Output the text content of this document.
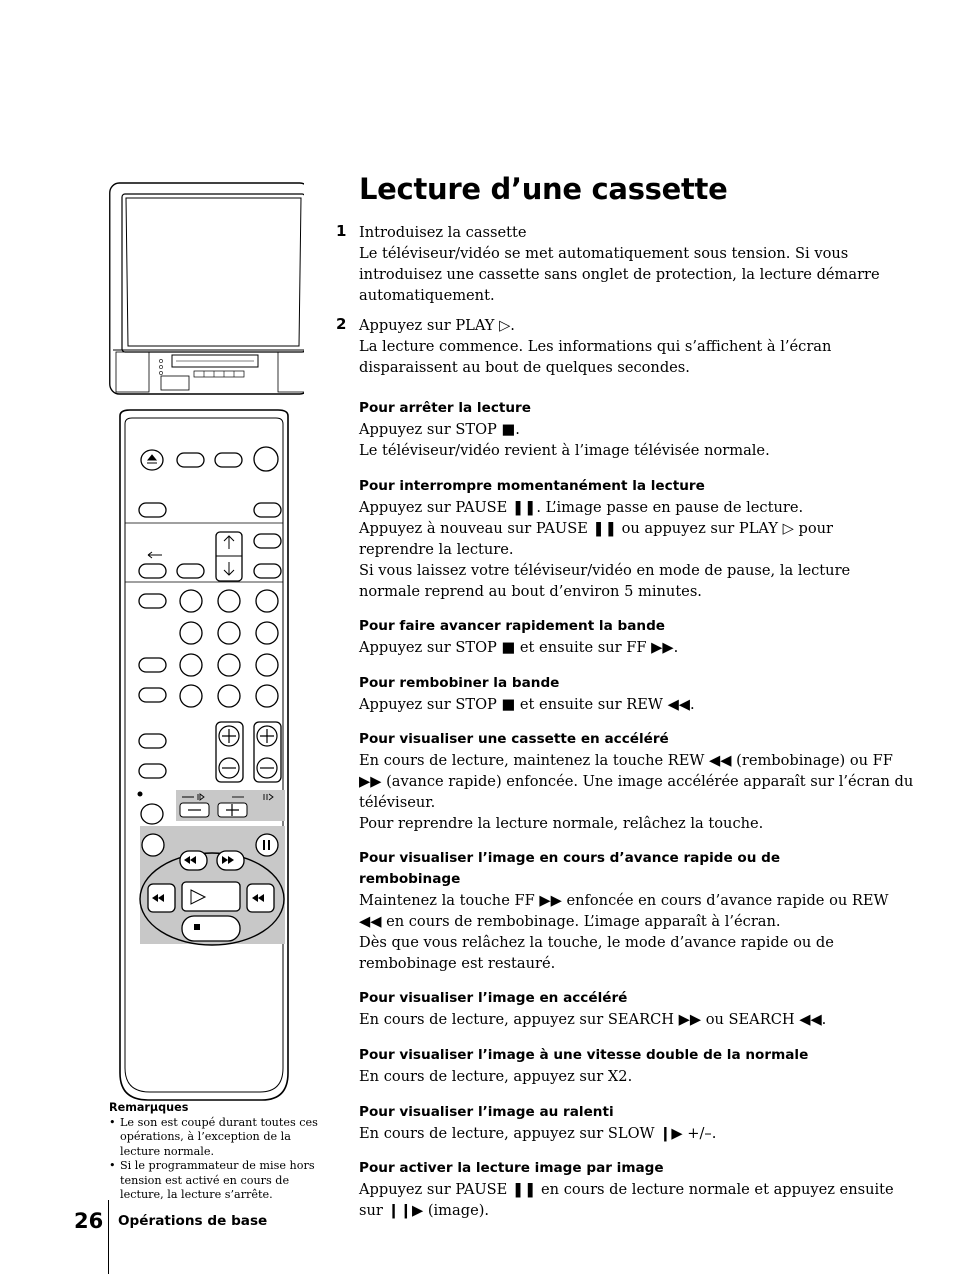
Lecture d’une cassette
1 Introduisez la cassette
Le téléviseur/vidéo se met automatiquement sous tension. Si vous
introduisez une cassette sans onglet de protection, la lecture démarre
automatiquement.
2 Appuyez sur PLAY ▷.
La lecture commence. Les informations qui s’affichent à l’écran
disparaissent au bout de quelques secondes.
Pour arrêter la lecture
Appuyez sur STOP ■.
Le téléviseur/vidéo revient à l’image télévisée normale.
Pour interrompre momentanément la lecture
Appuyez sur PAUSE ❚❚. L’image passe en pause de lecture.
Appuyez à nouveau sur PAUSE ❚❚ ou appuyez sur PLAY ▷ pour
reprendre la lecture.
Si vous laissez votre téléviseur/vidéo en mode de pause, la lecture
normale reprend au bout d’environ 5 minutes.
Pour faire avancer rapidement la bande
Appuyez sur STOP ■ et ensuite sur FF ▶▶.
Pour rembobiner la bande
Appuyez sur STOP ■ et ensuite sur REW ◀◀.
Pour visualiser une cassette en accéléré
En cours de lecture, maintenez la touche REW ◀◀ (rembobinage) ou FF
▶▶ (avance rapide) enfoncée. Une image accélérée apparaît sur l’écran du
téléviseur.
Pour reprendre la lecture normale, relâchez la touche.
Pour visualiser l’image en cours d’avance rapide ou de
rembobinage
Maintenez la touche FF ▶▶ enfoncée en cours d’avance rapide ou REW
◀◀ en cours de rembobinage. L’image apparaît à l’écran.
Dès que vous relâchez la touche, le mode d’avance rapide ou de
rembobinage est restauré.
Pour visualiser l’image en accéléré
En cours de lecture, appuyez sur SEARCH ▶▶ ou SEARCH ◀◀.
Pour visualiser l’image à une vitesse double de la normale
En cours de lecture, appuyez sur X2.
Pour visualiser l’image au ralenti
En cours de lecture, appuyez sur SLOW ❙▶ +/–.
Pour activer la lecture image par image
Appuyez sur PAUSE ❚❚ en cours de lecture normale et appuyez ensuite
sur ❙❙▶ (image).
Remarµques
• Le son est coupé durant toutes ces
opérations, à l’exception de la
lecture normale.
• Si le programmateur de mise hors
tension est activé en cours de
lecture, la lecture s’arrête.
26 Opérations de base
